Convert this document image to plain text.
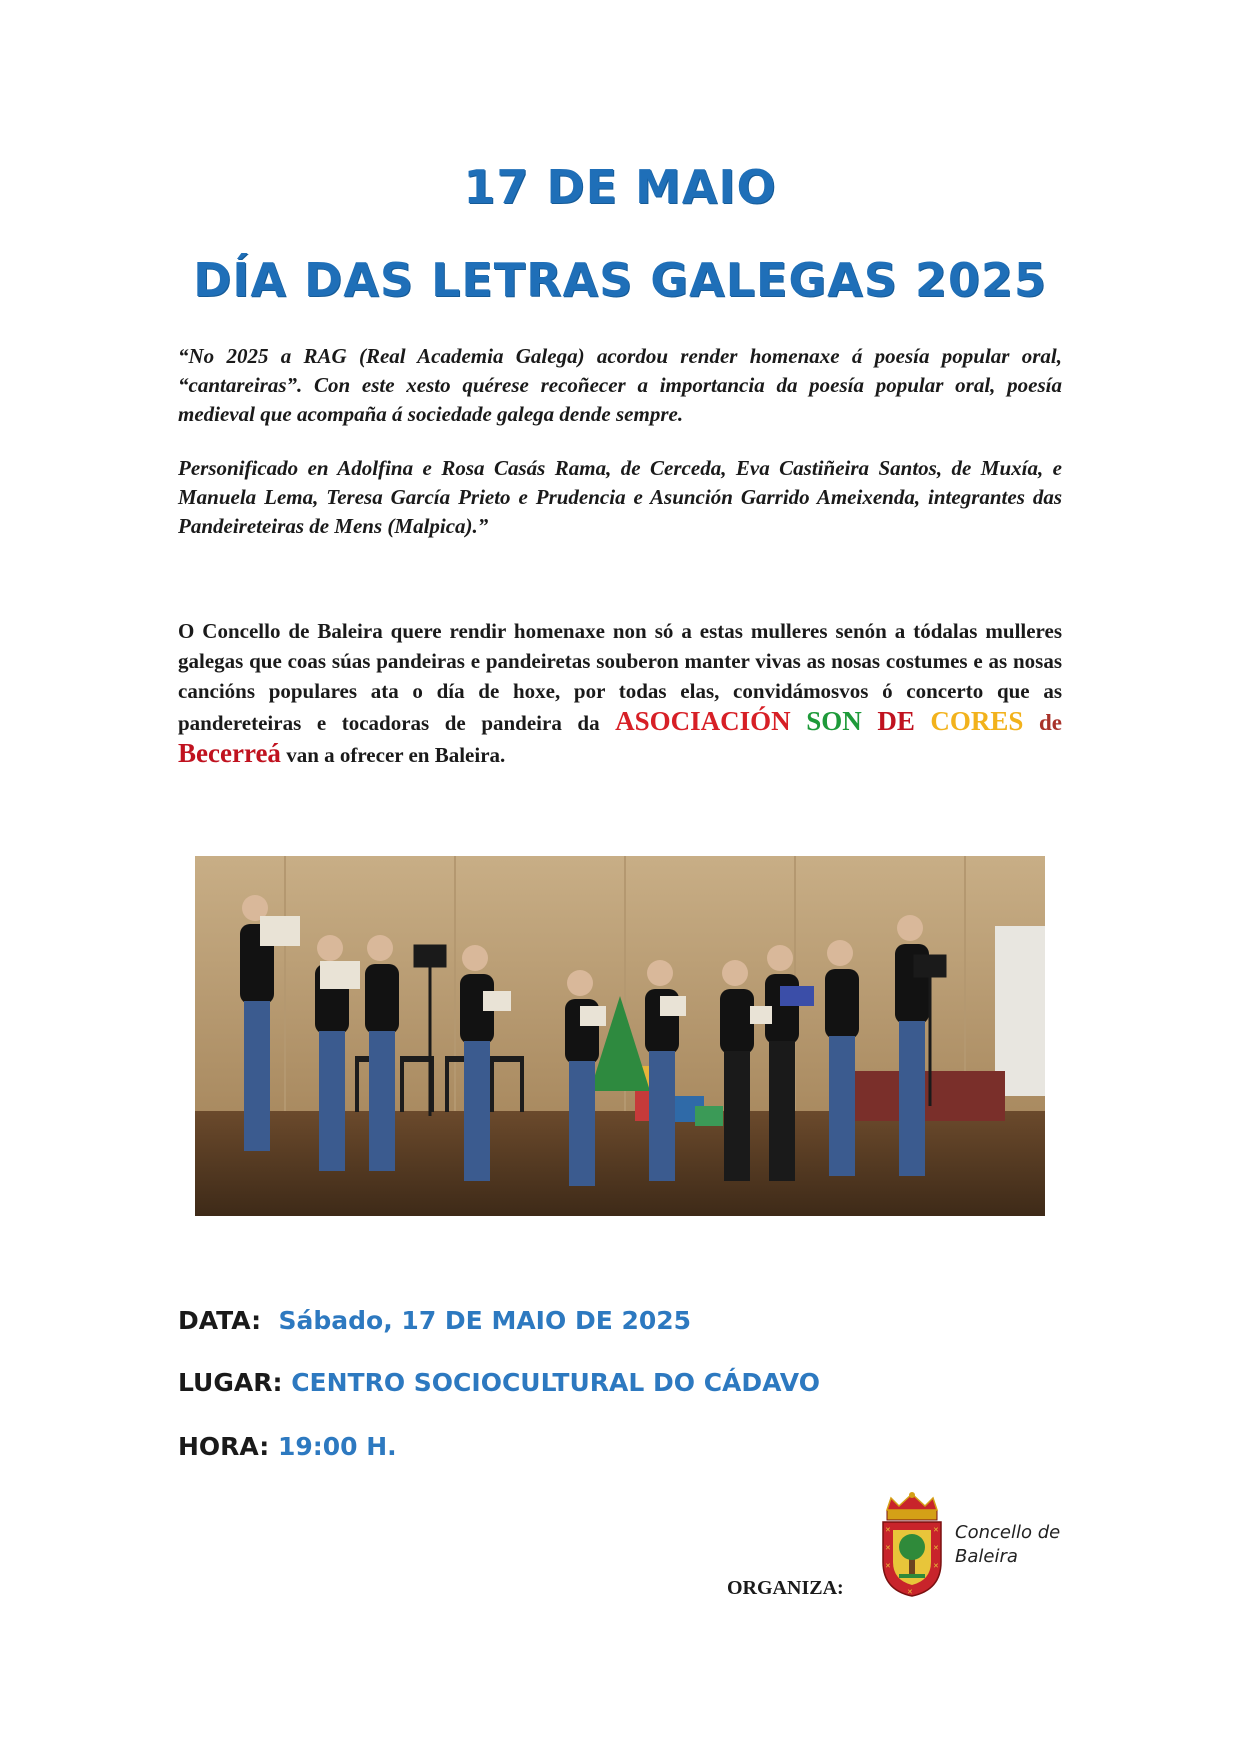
17 DE MAIO
DÍA DAS LETRAS GALEGAS 2025

“No 2025 a RAG (Real Academia Galega) acordou render homenaxe á poesía popular oral, “cantareiras”. Con este xesto quérese recoñecer a importancia da poesía popular oral, poesía medieval que acompaña á sociedade galega dende sempre.

Personificado en Adolfina e Rosa Casás Rama, de Cerceda, Eva Castiñeira Santos, de Muxía, e Manuela Lema, Teresa García Prieto e Prudencia e Asunción Garrido Ameixenda, integrantes das Pandeireteiras de Mens (Malpica).”

O Concello de Baleira quere rendir homenaxe non só a estas mulleres senón a tódalas mulleres galegas que coas súas pandeiras e pandeiretas souberon manter vivas as nosas costumes e as nosas cancións populares ata o día de hoxe, por todas elas, convidámosvos ó concerto que as pandereteiras e tocadoras de pandeira da ASOCIACIÓN SON DE CORES de Becerreá van a ofrecer en Baleira.

DATA: Sábado, 17 DE MAIO DE 2025
LUGAR: CENTRO SOCIOCULTURAL DO CÁDAVO
HORA: 19:00 H.
ORGANIZA:
✕	✕
✕	✕
✕	✕
✕
Concello de
Baleira
